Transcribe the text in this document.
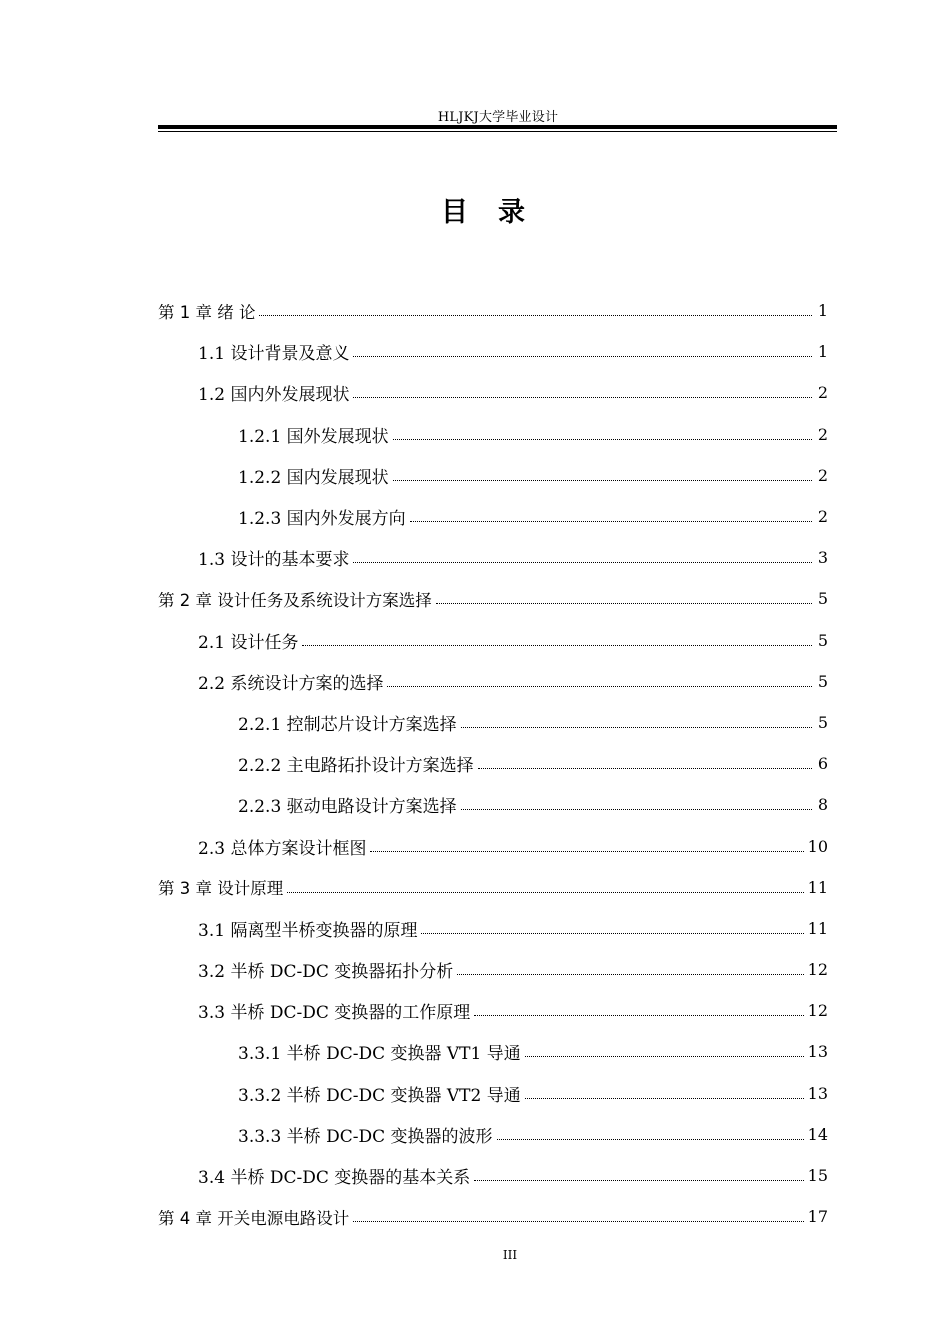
HLJKJ大学毕业设计
目录
第 1 章 绪 论	1
1.1 设计背景及意义	1
1.2 国内外发展现状	2
1.2.1 国外发展现状	2
1.2.2 国内发展现状	2
1.2.3 国内外发展方向	2
1.3 设计的基本要求	3
第 2 章 设计任务及系统设计方案选择	5
2.1 设计任务	5
2.2 系统设计方案的选择	5
2.2.1 控制芯片设计方案选择	5
2.2.2 主电路拓扑设计方案选择	6
2.2.3 驱动电路设计方案选择	8
2.3 总体方案设计框图	10
第 3 章 设计原理	11
3.1 隔离型半桥变换器的原理	11
3.2 半桥 DC-DC 变换器拓扑分析	12
3.3 半桥 DC-DC 变换器的工作原理	12
3.3.1 半桥 DC-DC 变换器 VT1 导通	13
3.3.2 半桥 DC-DC 变换器 VT2 导通	13
3.3.3 半桥 DC-DC 变换器的波形	14
3.4 半桥 DC-DC 变换器的基本关系	15
第 4 章 开关电源电路设计	17
III
